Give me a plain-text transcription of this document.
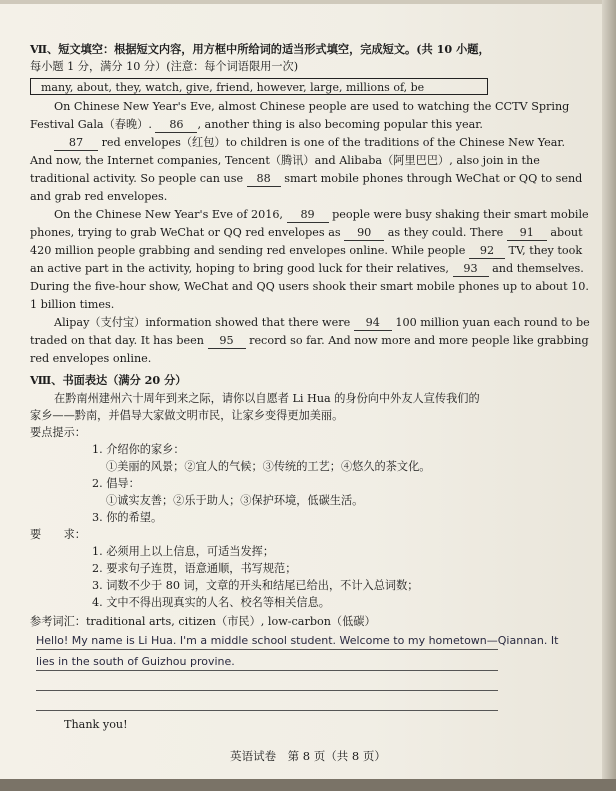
Ⅶ、短文填空：根据短文内容，用方框中所给词的适当形式填空，完成短文。(共 10 小题，
每小题 1 分，满分 10 分）(注意：每个词语限用一次)
many, about, they, watch, give, friend, however, large, millions of, be
On Chinese New Year's Eve, almost Chinese people are used to watching the CCTV Spring
Festival Gala（春晚）. 86 , another thing is also becoming popular this year.
87 red envelopes（红包）to children is one of the traditions of the Chinese New Year.
And now, the Internet companies, Tencent（腾讯）and Alibaba（阿里巴巴）, also join in the
traditional activity. So people can use 88 smart mobile phones through WeChat or QQ to send
and grab red envelopes.
On the Chinese New Year's Eve of 2016, 89 people were busy shaking their smart mobile
phones, trying to grab WeChat or QQ red envelopes as 90 as they could. There 91 about
420 million people grabbing and sending red envelopes online. While people 92 TV, they took
an active part in the activity, hoping to bring good luck for their relatives, 93 and themselves.
During the five-hour show, WeChat and QQ users shook their smart mobile phones up to about 10.
1 billion times.
Alipay（支付宝）information showed that there were 94 100 million yuan each round to be
traded on that day. It has been 95 record so far. And now more and more people like grabbing
red envelopes online.
Ⅷ、书面表达（满分 20 分）
在黔南州建州六十周年到来之际，请你以自愿者 Li Hua 的身份向中外友人宣传我们的
家乡——黔南，并倡导大家做文明市民，让家乡变得更加美丽。
要点提示：
1. 介绍你的家乡：
①美丽的风景；②宜人的气候；③传统的工艺；④悠久的茶文化。
2. 倡导：
①诚实友善；②乐于助人；③保护环境，低碳生活。
3. 你的希望。
要　　求：
1. 必须用上以上信息，可适当发挥；
2. 要求句子连贯，语意通顺，书写规范；
3. 词数不少于 80 词，文章的开头和结尾已给出，不计入总词数；
4. 文中不得出现真实的人名、校名等相关信息。
参考词汇：traditional arts, citizen（市民）, low-carbon（低碳）
Hello! My name is Li Hua. I'm a middle school student. Welcome to my hometown—Qiannan. It
lies in the south of Guizhou provine.
Thank you!
英语试卷　第 8 页（共 8 页）
